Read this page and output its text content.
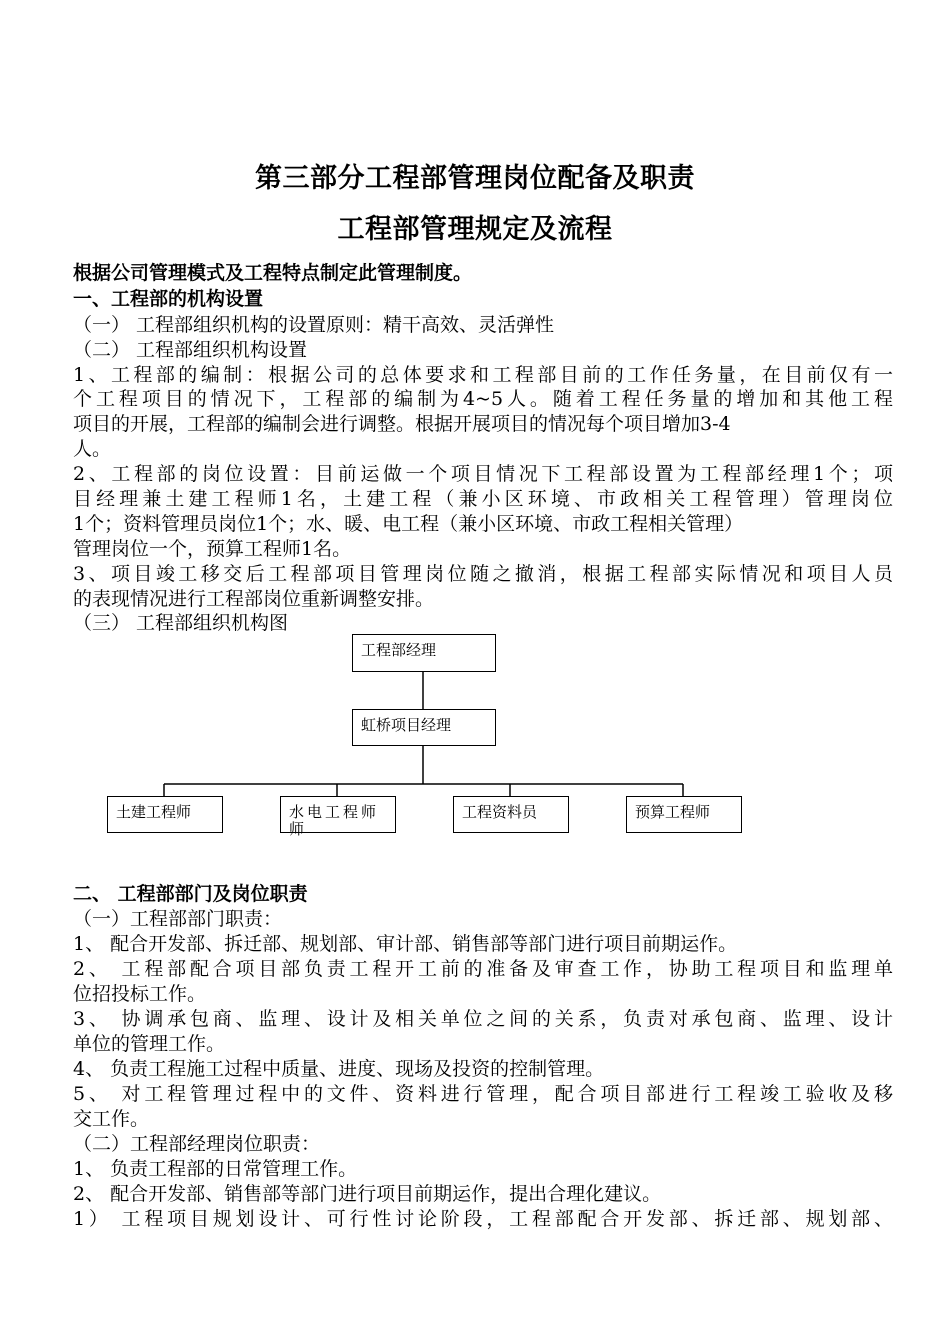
第三部分工程部管理岗位配备及职责
工程部管理规定及流程
根据公司管理模式及工程特点制定此管理制度。
一、工程部的机构设置
（一） 工程部组织机构的设置原则：精干高效、灵活弹性
（二） 工程部组织机构设置
1、工程部的编制：根据公司的总体要求和工程部目前的工作任务量，在目前仅有一
个工程项目的情况下，工程部的编制为4~5人。随着工程任务量的增加和其他工程
项目的开展，工程部的编制会进行调整。根据开展项目的情况每个项目增加3-4
人。
2、工程部的岗位设置：目前运做一个项目情况下工程部设置为工程部经理1个；项
目经理兼土建工程师1名，土建工程（兼小区环境、市政相关工程管理）管理岗位
1个；资料管理员岗位1个；水、暖、电工程（兼小区环境、市政工程相关管理）
管理岗位一个，预算工程师1名。
3、项目竣工移交后工程部项目管理岗位随之撤消，根据工程部实际情况和项目人员
的表现情况进行工程部岗位重新调整安排。
（三） 工程部组织机构图
工程部经理
虹桥项目经理
土建工程师	水电工程师
师
工程资料员	预算工程师
二、 工程部部门及岗位职责
（一）工程部部门职责：
1、 配合开发部、拆迁部、规划部、审计部、销售部等部门进行项目前期运作。
2、 工程部配合项目部负责工程开工前的准备及审查工作，协助工程项目和监理单
位招投标工作。
3、 协调承包商、监理、设计及相关单位之间的关系，负责对承包商、监理、设计
单位的管理工作。
4、 负责工程施工过程中质量、进度、现场及投资的控制管理。
5、 对工程管理过程中的文件、资料进行管理，配合项目部进行工程竣工验收及移
交工作。
（二）工程部经理岗位职责：
1、 负责工程部的日常管理工作。
2、 配合开发部、销售部等部门进行项目前期运作，提出合理化建议。
1） 工程项目规划设计、可行性讨论阶段，工程部配合开发部、拆迁部、规划部、
